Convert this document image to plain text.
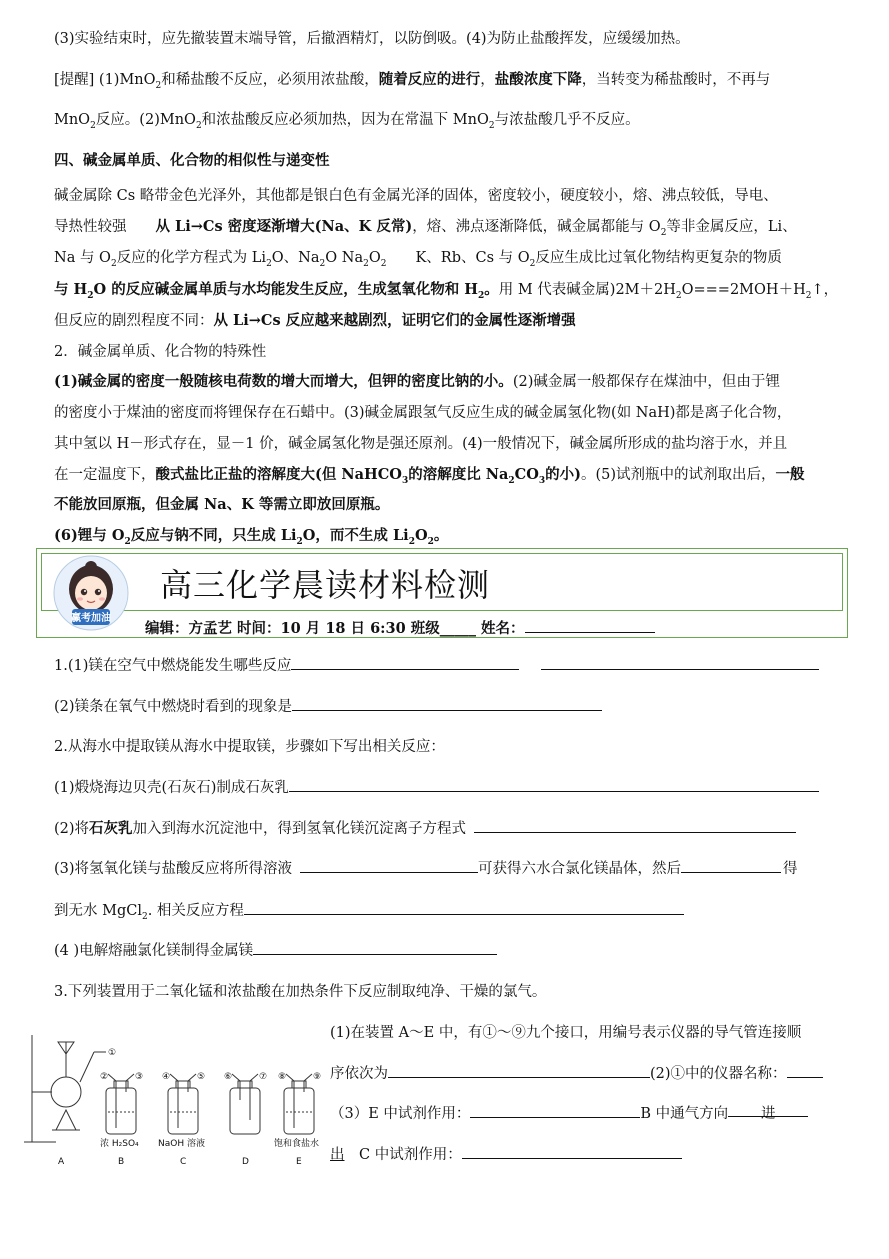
(3)实验结束时，应先撤装置末端导管，后撤酒精灯，以防倒吸。(4)为防止盐酸挥发，应缓缓加热。
[提醒] (1)MnO$_2$和稀盐酸不反应，必须用浓盐酸，随着反应的进行，盐酸浓度下降，当转变为稀盐酸时，不再与
MnO$_2$反应。(2)MnO$_2$和浓盐酸反应必须加热，因为在常温下 MnO$_2$与浓盐酸几乎不反应。
四、碱金属单质、化合物的相似性与递变性
碱金属除 Cs 略带金色光泽外，其他都是银白色有金属光泽的固体，密度较小，硬度较小，熔、沸点较低，导电、
导热性较强　　从 Li→Cs 密度逐渐增大(Na、K 反常)，熔、沸点逐渐降低，碱金属都能与 $O_2$等非金属反应，Li、
Na 与 $O_2$反应的化学方程式为 $Li_2O$、$Na_2O$ $Na_2O_2$　　K、Rb、Cs 与 $O_2$反应生成比过氧化物结构更复杂的物质
与 $H_2O$ 的反应碱金属单质与水均能发生反应，生成氢氧化物和 $H_2$。用 M 代表碱金属)$2M+2H_2O===2MOH+H_2↑$，
但反应的剧烈程度不同：从 Li→Cs 反应越来越剧烈，证明它们的金属性逐渐增强
2．碱金属单质、化合物的特殊性
(1)碱金属的密度一般随核电荷数的增大而增大，但钾的密度比钠的小。(2)碱金属一般都保存在煤油中，但由于锂
的密度小于煤油的密度而将锂保存在石蜡中。(3)碱金属跟氢气反应生成的碱金属氢化物(如 NaH)都是离子化合物，
其中氢以 H－形式存在，显－1 价，碱金属氢化物是强还原剂。(4)一般情况下，碱金属所形成的盐均溶于水，并且
在一定温度下，酸式盐比正盐的溶解度大(但 NaHCO$_3$的溶解度比 $Na_2CO_3$的小)。(5)试剂瓶中的试剂取出后，一般
不能放回原瓶，但金属 Na、K 等需立即放回原瓶。
(6)锂与 $O_2$反应与钠不同，只生成 $Li_2O$，而不生成 $Li_2O_2$。
高三化学晨读材料检测
赢考加油
编辑：方孟艺 时间：10 月 18 日 6:30 班级_____ 姓名：
1.(1)镁在空气中燃烧能发生哪些反应
(2)镁条在氧气中燃烧时看到的现象是
2.从海水中提取镁从海水中提取镁，步骤如下写出相关反应：
(1)煅烧海边贝壳(石灰石)制成石灰乳
(2)将石灰乳加入到海水沉淀池中，得到氢氧化镁沉淀离子方程式
(3)将氢氧化镁与盐酸反应将所得溶液	可获得六水合氯化镁晶体，然后	得
到无水 MgCl$_2$. 相关反应方程
(4 )电解熔融氯化镁制得金属镁
3.下列装置用于二氧化锰和浓盐酸在加热条件下反应制取纯净、干燥的氯气。
①
②	③ ④	⑤ ⑥	⑦ ⑧	⑨
浓 H₂SO₄ NaOH 溶液	饱和食盐水
A	B	C	D	E
(1)在装置 A～E 中，有①～⑨九个接口，用编号表示仪器的导气管连接顺
序依次为	(2)①中的仪器名称：
（3）E 中试剂作用：	B 中通气方向 进
出　C 中试剂作用：
